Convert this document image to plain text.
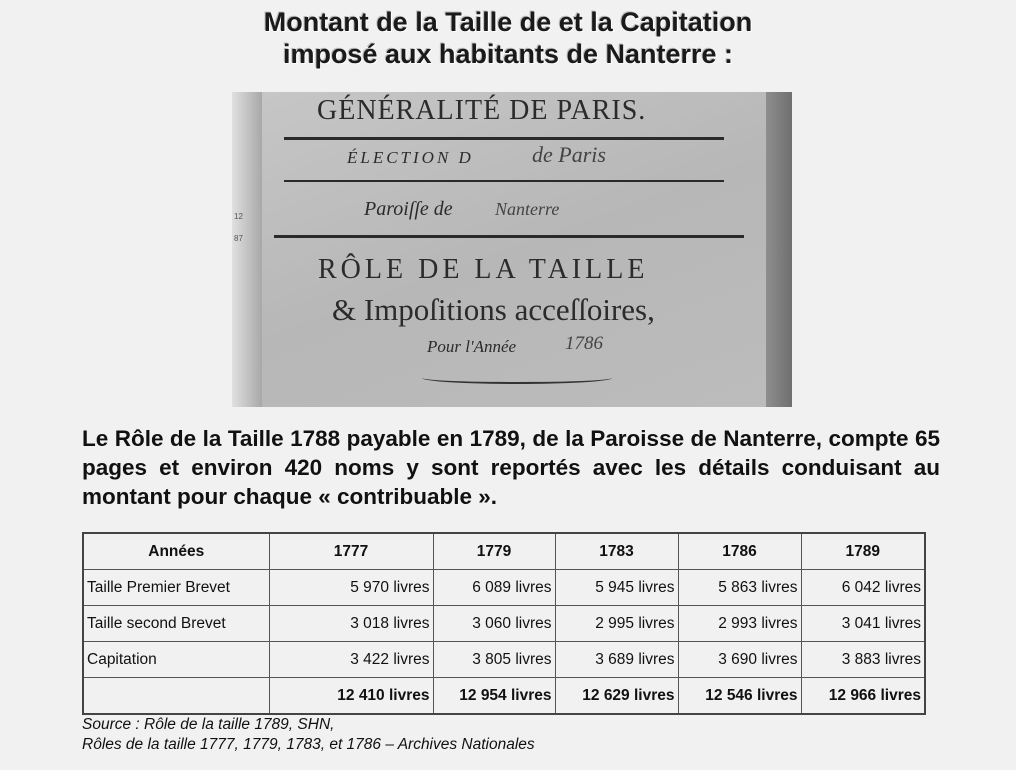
Montant de la Taille de et la Capitation
imposé aux habitants de Nanterre :
12
87
GÉNÉRALITÉ DE PARIS.
ÉLECTION D	de Paris
Paroiſſe de Nanterre
RÔLE DE LA TAILLE
& Impoſitions acceſſoires,
Pour l'Année	1786
Le Rôle de la Taille 1788 payable en 1789, de la Paroisse de Nanterre, compte 65 pages et environ 420 noms y sont reportés avec les détails conduisant au montant pour chaque « contribuable ».
Années	1777	1779	1783	1786	1789
Taille Premier Brevet	5 970 livres	6 089 livres	5 945 livres	5 863 livres	6 042 livres
Taille second Brevet	3 018 livres	3 060 livres	2 995 livres	2 993 livres	3 041 livres
Capitation	3 422 livres	3 805 livres	3 689 livres	3 690 livres	3 883 livres
	12 410 livres	12 954 livres	12 629 livres	12 546 livres	12 966 livres
Source : Rôle de la taille 1789, SHN,
Rôles de la taille 1777, 1779, 1783, et 1786 – Archives Nationales
